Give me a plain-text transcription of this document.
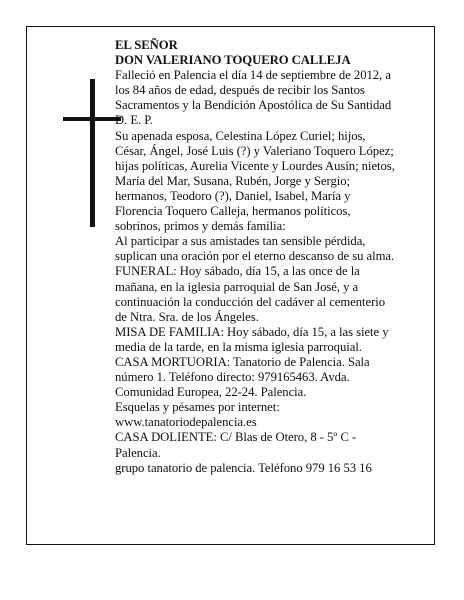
EL SEÑOR
DON VALERIANO TOQUERO CALLEJA
Falleció en Palencia el día 14 de septiembre de 2012, a
los 84 años de edad, después de recibir los Santos
Sacramentos y la Bendición Apostólica de Su Santidad
D. E. P.
Su apenada esposa, Celestina López Curiel; hijos,
César, Ángel, José Luis (?) y Valeriano Toquero López;
hijas políticas, Aurelia Vicente y Lourdes Ausín; nietos,
María del Mar, Susana, Rubén, Jorge y Sergio;
hermanos, Teodoro (?), Daniel, Isabel, María y
Florencia Toquero Calleja, hermanos políticos,
sobrinos, primos y demás familia:
Al participar a sus amistades tan sensible pérdida,
suplican una oración por el eterno descanso de su alma.
FUNERAL: Hoy sábado, día 15, a las once de la
mañana, en la iglesia parroquial de San José, y a
continuación la conducción del cadáver al cementerio
de Ntra. Sra. de los Ángeles.
MISA DE FAMILIA: Hoy sábado, día 15, a las siete y
media de la tarde, en la misma iglesia parroquial.
CASA MORTUORIA: Tanatorio de Palencia. Sala
número 1. Teléfono directo: 979165463. Avda.
Comunidad Europea, 22-24. Palencia.
Esquelas y pésames por internet:
www.tanatoriodepalencia.es
CASA DOLIENTE: C/ Blas de Otero, 8 - 5º C -
Palencia.
grupo tanatorio de palencia. Teléfono 979 16 53 16
